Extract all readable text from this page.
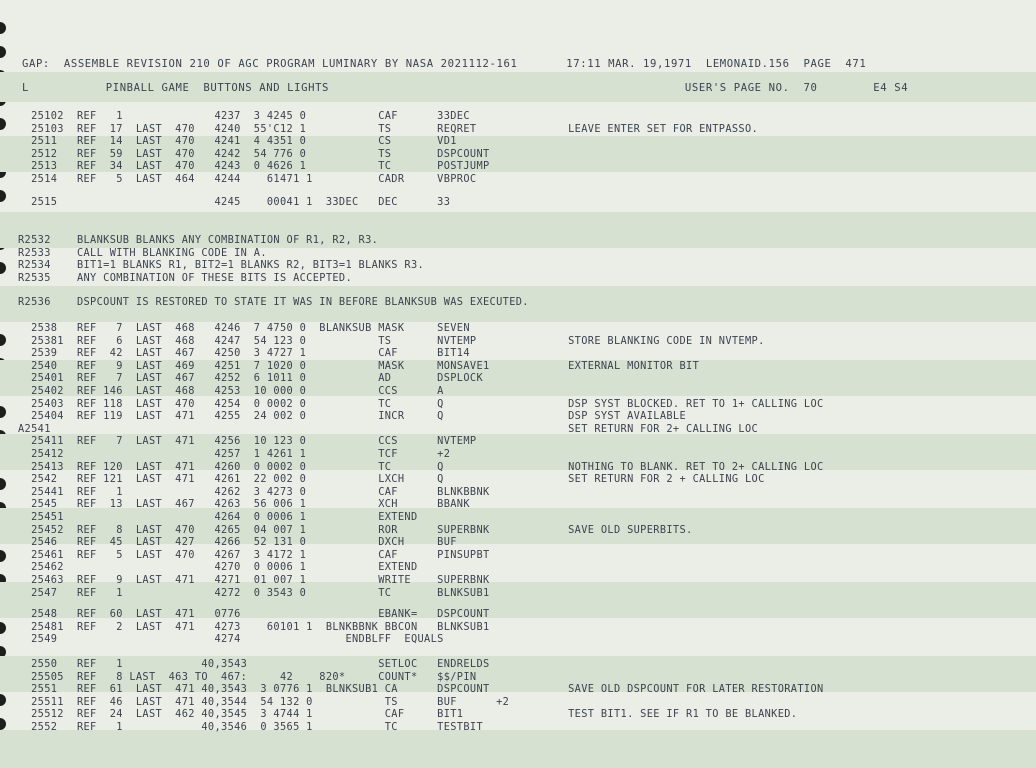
GAP:  ASSEMBLE REVISION 210 OF AGC PROGRAM LUMINARY BY NASA 2021112-161       17:11 MAR. 19,1971  LEMONAID.156  PAGE  471
L           PINBALL GAME  BUTTONS AND LIGHTS                                                   USER'S PAGE NO.  70        E4 S4
25102  REF   1              4237  3 4245 0           CAF      33DEC
25103  REF  17  LAST  470   4240  55'C12 1           TS       REQRET              LEAVE ENTER SET FOR ENTPASSO.
2511   REF  14  LAST  470   4241  4 4351 0           CS       VD1
2512   REF  59  LAST  470   4242  54 776 0           TS       DSPCOUNT
2513   REF  34  LAST  470   4243  0 4626 1           TC       POSTJUMP
2514   REF   5  LAST  464   4244    61471 1          CADR     VBPROC
2515                        4245    00041 1  33DEC   DEC      33
R2532    BLANKSUB BLANKS ANY COMBINATION OF R1, R2, R3.
R2533    CALL WITH BLANKING CODE IN A.
R2534    BIT1=1 BLANKS R1, BIT2=1 BLANKS R2, BIT3=1 BLANKS R3.
R2535    ANY COMBINATION OF THESE BITS IS ACCEPTED.
R2536    DSPCOUNT IS RESTORED TO STATE IT WAS IN BEFORE BLANKSUB WAS EXECUTED.
2538   REF   7  LAST  468   4246  7 4750 0  BLANKSUB MASK     SEVEN
25381  REF   6  LAST  468   4247  54 123 0           TS       NVTEMP              STORE BLANKING CODE IN NVTEMP.
2539   REF  42  LAST  467   4250  3 4727 1           CAF      BIT14
2540   REF   9  LAST  469   4251  7 1020 0           MASK     MONSAVE1            EXTERNAL MONITOR BIT
25401  REF   7  LAST  467   4252  6 1011 0           AD       DSPLOCK
25402  REF 146  LAST  468   4253  10 000 0           CCS      A
25403  REF 118  LAST  470   4254  0 0002 0           TC       Q                   DSP SYST BLOCKED. RET TO 1+ CALLING LOC
25404  REF 119  LAST  471   4255  24 002 0           INCR     Q                   DSP SYST AVAILABLE
A2541                                                                               SET RETURN FOR 2+ CALLING LOC
25411  REF   7  LAST  471   4256  10 123 0           CCS      NVTEMP
25412                       4257  1 4261 1           TCF      +2
25413  REF 120  LAST  471   4260  0 0002 0           TC       Q                   NOTHING TO BLANK. RET TO 2+ CALLING LOC
2542   REF 121  LAST  471   4261  22 002 0           LXCH     Q                   SET RETURN FOR 2 + CALLING LOC
25441  REF   1              4262  3 4273 0           CAF      BLNKBBNK
2545   REF  13  LAST  467   4263  56 006 1           XCH      BBANK
25451                       4264  0 0006 1           EXTEND
25452  REF   8  LAST  470   4265  04 007 1           ROR      SUPERBNK            SAVE OLD SUPERBITS.
2546   REF  45  LAST  427   4266  52 131 0           DXCH     BUF
25461  REF   5  LAST  470   4267  3 4172 1           CAF      PINSUPBT
25462                       4270  0 0006 1           EXTEND
25463  REF   9  LAST  471   4271  01 007 1           WRITE    SUPERBNK
2547   REF   1              4272  0 3543 0           TC       BLNKSUB1
2548   REF  60  LAST  471   0776                     EBANK=   DSPCOUNT
25481  REF   2  LAST  471   4273    60101 1  BLNKBBNK BBCON   BLNKSUB1
2549                        4274                ENDBLFF  EQUALS
2550   REF   1            40,3543                    SETLOC   ENDRELDS
25505  REF   8 LAST  463 TO  467:     42    820*     COUNT*   $$/PIN
2551   REF  61  LAST  471 40,3543  3 0776 1  BLNKSUB1 CA      DSPCOUNT            SAVE OLD DSPCOUNT FOR LATER RESTORATION
25511  REF  46  LAST  471 40,3544  54 132 0           TS      BUF      +2
25512  REF  24  LAST  462 40,3545  3 4744 1           CAF     BIT1                TEST BIT1. SEE IF R1 TO BE BLANKED.
2552   REF   1            40,3546  0 3565 1           TC      TESTBIT
